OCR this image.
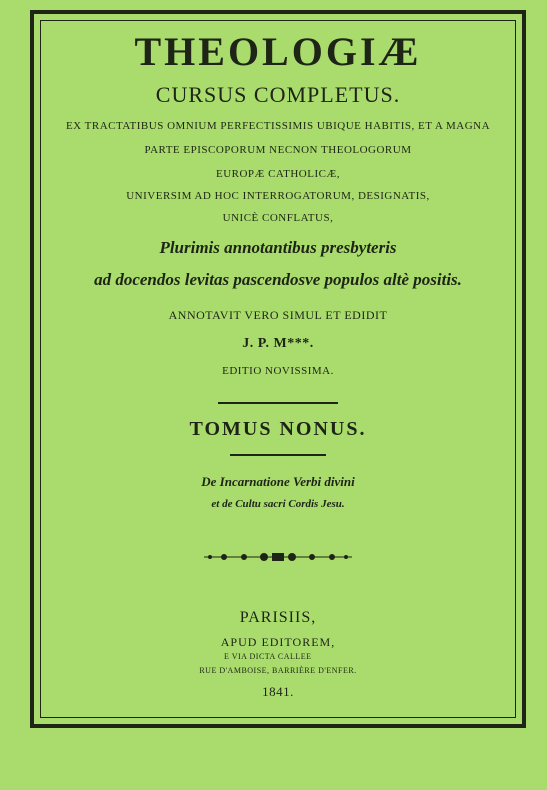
THEOLOGIÆ
CURSUS COMPLETUS.
EX TRACTATIBUS OMNIUM PERFECTISSIMIS UBIQUE HABITIS, ET A MAGNA
PARTE EPISCOPORUM NECNON THEOLOGORUM
EUROPÆ CATHOLICÆ,
UNIVERSIM AD HOC INTERROGATORUM, DESIGNATIS,
UNICÈ CONFLATUS,
Plurimis annotantibus presbyteris
ad docendos levitas pascendosve populos altè positis.
ANNOTAVIT VERO SIMUL ET EDIDIT
J. P. M***.
EDITIO NOVISSIMA.
TOMUS NONUS.
De Incarnatione Verbi divini
et de Cultu sacri Cordis Jesu.
PARISIIS,
APUD EDITOREM,
E VIA DICTA CALLEE
RUE D'AMBOISE, BARRIÈRE D'ENFER.
1841.
